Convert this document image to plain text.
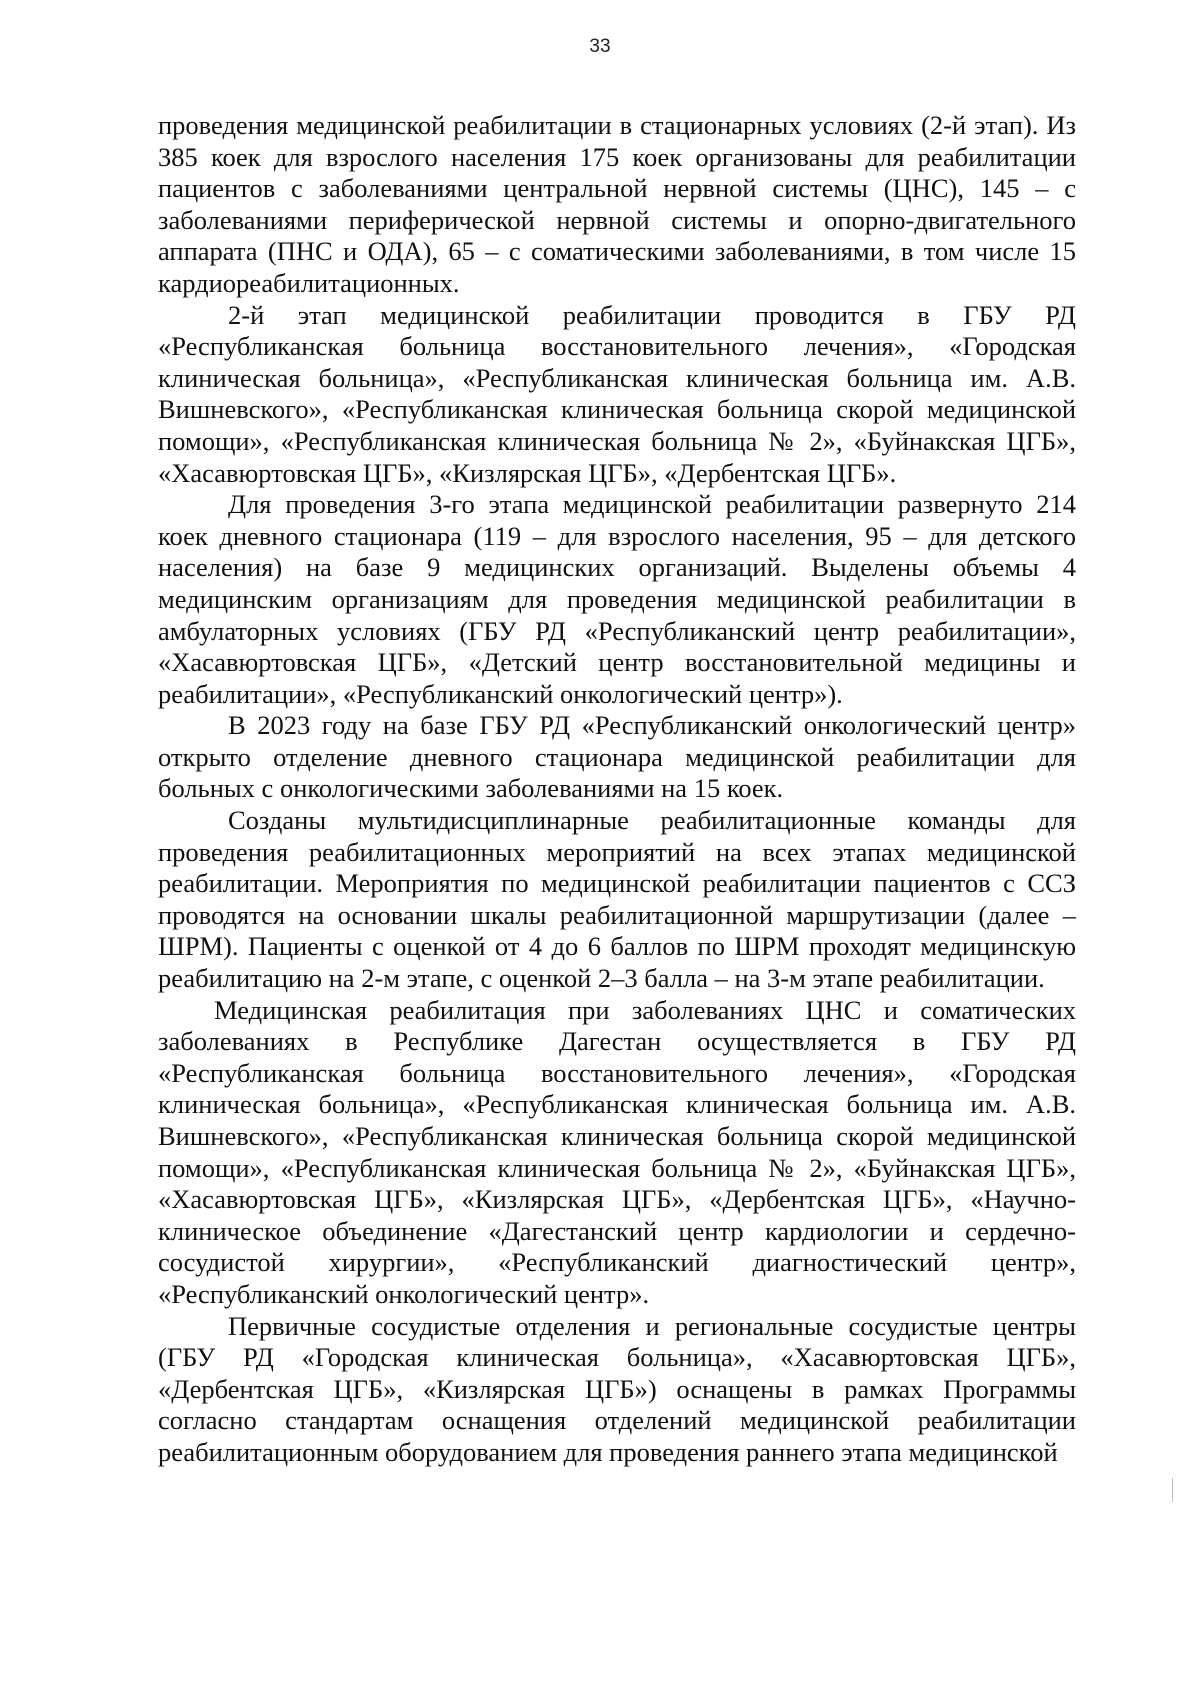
33

проведения медицинской реабилитации в стационарных условиях (2-й этап). Из 385 коек для взрослого населения 175 коек организованы для реабилитации пациентов с заболеваниями центральной нервной системы (ЦНС), 145 – с заболеваниями периферической нервной системы и опорно-двигательного аппарата (ПНС и ОДА), 65 – с соматическими заболеваниями, в том числе 15 кардиореабилитационных.

2-й этап медицинской реабилитации проводится в ГБУ РД «Республиканская больница восстановительного лечения», «Городская клиническая больница», «Республиканская клиническая больница им. А.В. Вишневского», «Республиканская клиническая больница скорой медицинской помощи», «Республиканская клиническая больница № 2», «Буйнакская ЦГБ», «Хасавюртовская ЦГБ», «Кизлярская ЦГБ», «Дербентская ЦГБ».

Для проведения 3-го этапа медицинской реабилитации развернуто 214 коек дневного стационара (119 – для взрослого населения, 95 – для детского населения) на базе 9 медицинских организаций. Выделены объемы 4 медицинским организациям для проведения медицинской реабилитации в амбулаторных условиях (ГБУ РД «Республиканский центр реабилитации», «Хасавюртовская ЦГБ», «Детский центр восстановительной медицины и реабилитации», «Республиканский онкологический центр»).

В 2023 году на базе ГБУ РД «Республиканский онкологический центр» открыто отделение дневного стационара медицинской реабилитации для больных с онкологическими заболеваниями на 15 коек.

Созданы мультидисциплинарные реабилитационные команды для проведения реабилитационных мероприятий на всех этапах медицинской реабилитации. Мероприятия по медицинской реабилитации пациентов с ССЗ проводятся на основании шкалы реабилитационной маршрутизации (далее – ШРМ). Пациенты с оценкой от 4 до 6 баллов по ШРМ проходят медицинскую реабилитацию на 2-м этапе, с оценкой 2–3 балла – на 3-м этапе реабилитации.

Медицинская реабилитация при заболеваниях ЦНС и соматических заболеваниях в Республике Дагестан осуществляется в ГБУ РД «Республиканская больница восстановительного лечения», «Городская клиническая больница», «Республиканская клиническая больница им. А.В. Вишневского», «Республиканская клиническая больница скорой медицинской помощи», «Республиканская клиническая больница № 2», «Буйнакская ЦГБ», «Хасавюртовская ЦГБ», «Кизлярская ЦГБ», «Дербентская ЦГБ», «Научно-клиническое объединение «Дагестанский центр кардиологии и сердечно-сосудистой хирургии», «Республиканский диагностический центр», «Республиканский онкологический центр».

Первичные сосудистые отделения и региональные сосудистые центры (ГБУ РД «Городская клиническая больница», «Хасавюртовская ЦГБ», «Дербентская ЦГБ», «Кизлярская ЦГБ») оснащены в рамках Программы согласно стандартам оснащения отделений медицинской реабилитации реабилитационным оборудованием для проведения раннего этапа медицинской
